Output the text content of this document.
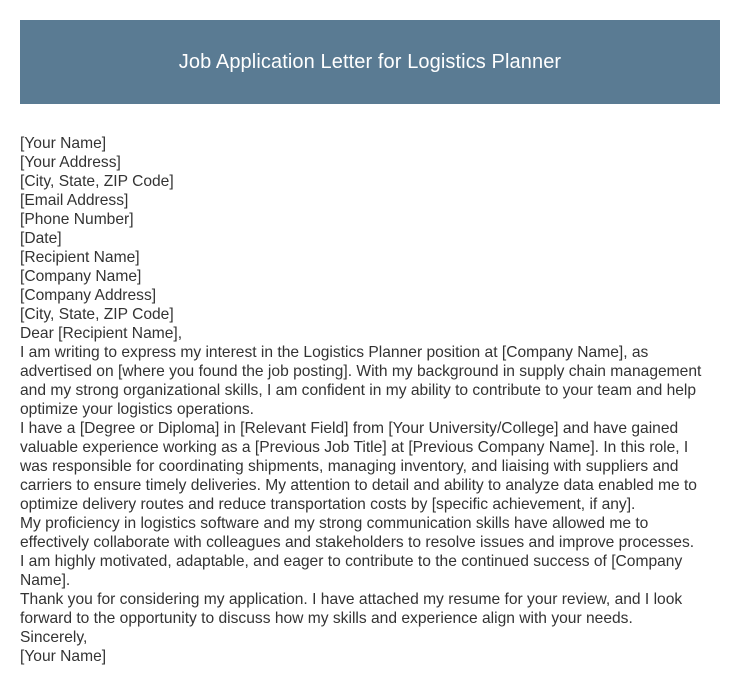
Job Application Letter for Logistics Planner
[Your Name]
[Your Address]
[City, State, ZIP Code]
[Email Address]
[Phone Number]
[Date]
[Recipient Name]
[Company Name]
[Company Address]
[City, State, ZIP Code]
Dear [Recipient Name],
I am writing to express my interest in the Logistics Planner position at [Company Name], as
advertised on [where you found the job posting]. With my background in supply chain management
and my strong organizational skills, I am confident in my ability to contribute to your team and help
optimize your logistics operations.
I have a [Degree or Diploma] in [Relevant Field] from [Your University/College] and have gained
valuable experience working as a [Previous Job Title] at [Previous Company Name]. In this role, I
was responsible for coordinating shipments, managing inventory, and liaising with suppliers and
carriers to ensure timely deliveries. My attention to detail and ability to analyze data enabled me to
optimize delivery routes and reduce transportation costs by [specific achievement, if any].
My proficiency in logistics software and my strong communication skills have allowed me to
effectively collaborate with colleagues and stakeholders to resolve issues and improve processes.
I am highly motivated, adaptable, and eager to contribute to the continued success of [Company
Name].
Thank you for considering my application. I have attached my resume for your review, and I look
forward to the opportunity to discuss how my skills and experience align with your needs.
Sincerely,
[Your Name]
